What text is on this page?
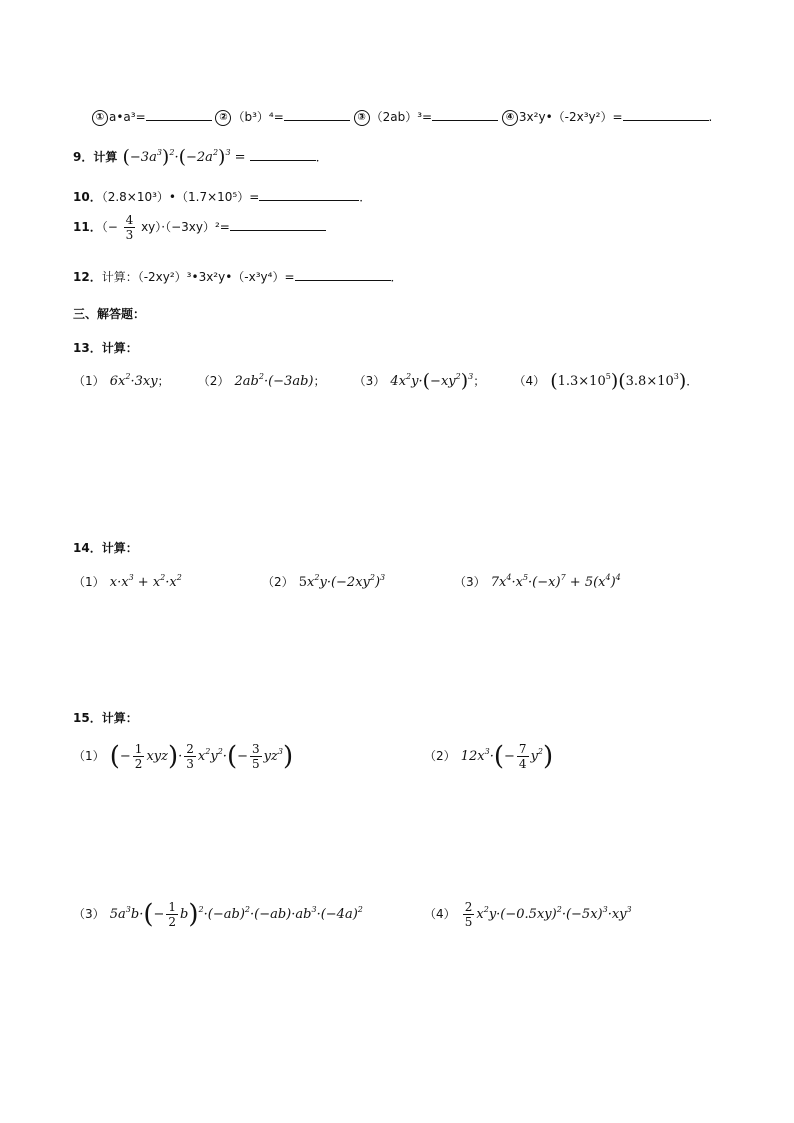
① a•a³=	② （b³）⁴=	③ （2ab）³=	④ 3x²y•（-2x³y²）=	.
9．计算 $(-3a^3)^2\cdot(-2a^2)^3$ =	．
10．（2.8×10³）•（1.7×10⁵）=	．
11．（− $\frac{4}{3} xy)\cdot(-3xy)^2=$
12．计算：（-2xy²）³•3x²y•（-x³y⁴）=	．
三、解答题：
13．计算：
（1） $6x^2\cdot 3xy$； （2） $2ab^2\cdot(-3ab)$； （3） $4x^2y\cdot(-xy^2)^3$； （4） $(1.3\times 10^5)(3.8\times 10^3)$．
14．计算：
（1） $x\cdot x^3 + x^2\cdot x^2$	（2） $5x^2y\cdot(-2xy^2)^3$	（3） $7x^4\cdot x^5\cdot(-x)^7 + 5(x^4)^4$
15．计算：
（1） (− $\frac{1}{2} xyz)\cdot \frac{2}{3} x^2y^2\cdot(- \frac{3}{5} yz^3)$	（2） $12x^3\cdot(- \frac{7}{4} y^2)$
（3） $5a^3b\cdot(- \frac{1}{2} b)^2\cdot(-ab)^2\cdot(-ab)\cdot ab^3\cdot(-4a)^2$	$(4) \frac{2}{5} x^2y\cdot(-0.5xy)^2\cdot(-5x)^3\cdot xy^3$
